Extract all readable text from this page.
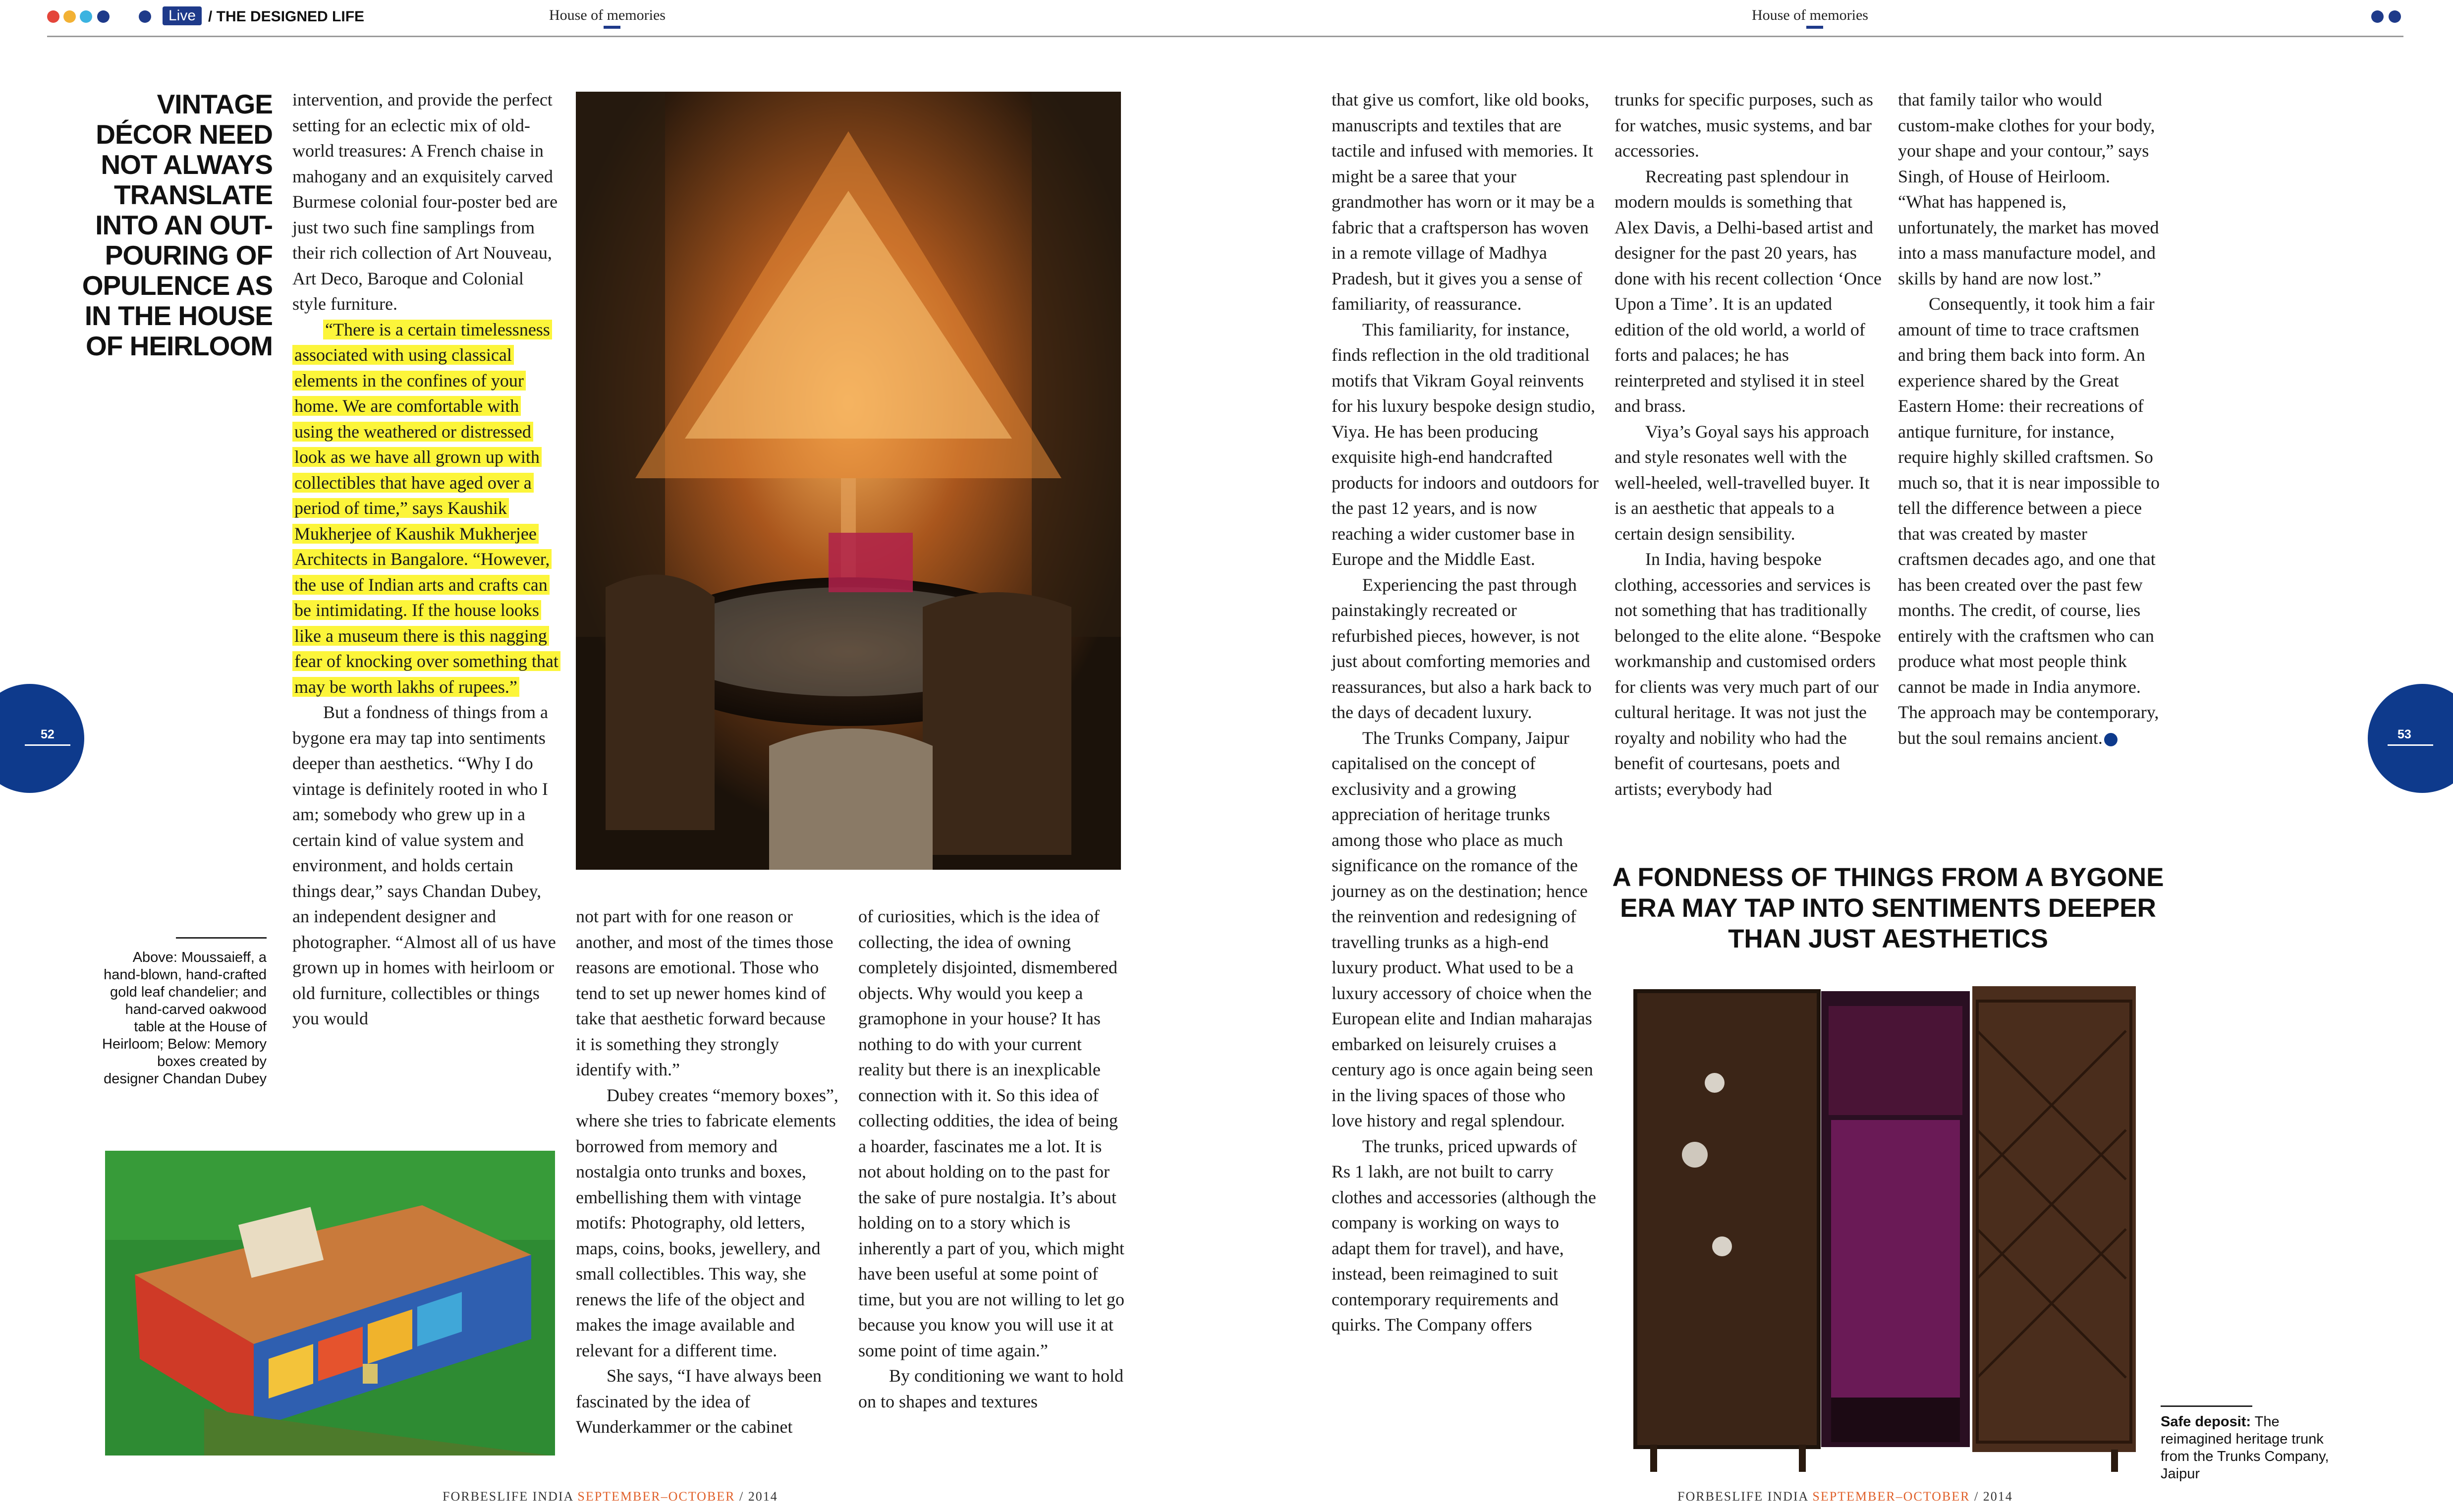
Live / THE DESIGNED LIFE	House of memories	House of memories
VINTAGE DÉCOR NEED NOT ALWAYS TRANSLATE INTO AN OUT-POURING OF OPULENCE AS IN THE HOUSE OF HEIRLOOM

intervention, and provide the perfect setting for an eclectic mix of old-world treasures: A French chaise in mahogany and an exquisitely carved Burmese colonial four-poster bed are just two such fine samplings from their rich collection of Art Nouveau, Art Deco, Baroque and Colonial style furniture.

“There is a certain timelessness associated with using classical elements in the confines of your home. We are comfortable with using the weathered or distressed look as we have all grown up with collectibles that have aged over a period of time,” says Kaushik Mukherjee of Kaushik Mukherjee Architects in Bangalore. “However, the use of Indian arts and crafts can be intimidating. If the house looks like a museum there is this nagging fear of knocking over something that may be worth lakhs of rupees.”

But a fondness of things from a bygone era may tap into sentiments deeper than aesthetics. “Why I do vintage is definitely rooted in who I am; somebody who grew up in a certain kind of value system and environment, and holds certain things dear,” says Chandan Dubey, an independent designer and photographer. “Almost all of us have grown up in homes with heirloom or old furniture, collectibles or things you would

not part with for one reason or another, and most of the times those reasons are emotional. Those who tend to set up newer homes kind of take that aesthetic forward because it is something they strongly identify with.”

Dubey creates “memory boxes”, where she tries to fabricate elements borrowed from memory and nostalgia onto trunks and boxes, embellishing them with vintage motifs: Photography, old letters, maps, coins, books, jewellery, and small collectibles. This way, she renews the life of the object and makes the image available and relevant for a different time.

She says, “I have always been fascinated by the idea of Wunderkammer or the cabinet

of curiosities, which is the idea of collecting, the idea of owning completely disjointed, dismembered objects. Why would you keep a gramophone in your house? It has nothing to do with your current reality but there is an inexplicable connection with it. So this idea of collecting oddities, the idea of being a hoarder, fascinates me a lot. It is not about holding on to the past for the sake of pure nostalgia. It’s about holding on to a story which is inherently a part of you, which might have been useful at some point of time, but you are not willing to let go because you know you will use it at some point of time again.”

By conditioning we want to hold on to shapes and textures

Above: Moussaieff, a hand-blown, hand-crafted gold leaf chandelier; and hand-carved oakwood table at the House of Heirloom; Below: Memory boxes created by designer Chandan Dubey
52
FORBESLIFE INDIA SEPTEMBER–OCTOBER / 2014

that give us comfort, like old books, manuscripts and textiles that are tactile and infused with memories. It might be a saree that your grandmother has worn or it may be a fabric that a craftsperson has woven in a remote village of Madhya Pradesh, but it gives you a sense of familiarity, of reassurance.

This familiarity, for instance, finds reflection in the old traditional motifs that Vikram Goyal reinvents for his luxury bespoke design studio, Viya. He has been producing exquisite high-end handcrafted products for indoors and outdoors for the past 12 years, and is now reaching a wider customer base in Europe and the Middle East.

Experiencing the past through painstakingly recreated or refurbished pieces, however, is not just about comforting memories and reassurances, but also a hark back to the days of decadent luxury.

The Trunks Company, Jaipur capitalised on the concept of exclusivity and a growing appreciation of heritage trunks among those who place as much significance on the romance of the journey as on the destination; hence the reinvention and redesigning of travelling trunks as a high-end luxury product. What used to be a luxury accessory of choice when the European elite and Indian maharajas embarked on leisurely cruises a century ago is once again being seen in the living spaces of those who love history and regal splendour.

The trunks, priced upwards of Rs 1 lakh, are not built to carry clothes and accessories (although the company is working on ways to adapt them for travel), and have, instead, been reimagined to suit contemporary requirements and quirks. The Company offers

trunks for specific purposes, such as for watches, music systems, and bar accessories.

Recreating past splendour in modern moulds is something that Alex Davis, a Delhi-based artist and designer for the past 20 years, has done with his recent collection ‘Once Upon a Time’. It is an updated edition of the old world, a world of forts and palaces; he has reinterpreted and stylised it in steel and brass.

Viya’s Goyal says his approach and style resonates well with the well-heeled, well-travelled buyer. It is an aesthetic that appeals to a certain design sensibility.

In India, having bespoke clothing, accessories and services is not something that has traditionally belonged to the elite alone. “Bespoke workmanship and customised orders for clients was very much part of our cultural heritage. It was not just the royalty and nobility who had the benefit of courtesans, poets and artists; everybody had

that family tailor who would custom-make clothes for your body, your shape and your contour,” says Singh, of House of Heirloom. “What has happened is, unfortunately, the market has moved into a mass manufacture model, and skills by hand are now lost.”

Consequently, it took him a fair amount of time to trace craftsmen and bring them back into form. An experience shared by the Great Eastern Home: their recreations of antique furniture, for instance, require highly skilled craftsmen. So much so, that it is near impossible to tell the difference between a piece that was created by master craftsmen decades ago, and one that has been created over the past few months. The credit, of course, lies entirely with the craftsmen who can produce what most people think cannot be made in India anymore. The approach may be contemporary, but the soul remains ancient.	FL

A FONDNESS OF THINGS FROM A BYGONE ERA MAY TAP INTO SENTIMENTS DEEPER THAN JUST AESTHETICS
Safe deposit: The reimagined heritage trunk from the Trunks Company, Jaipur
53
FORBESLIFE INDIA SEPTEMBER–OCTOBER / 2014
